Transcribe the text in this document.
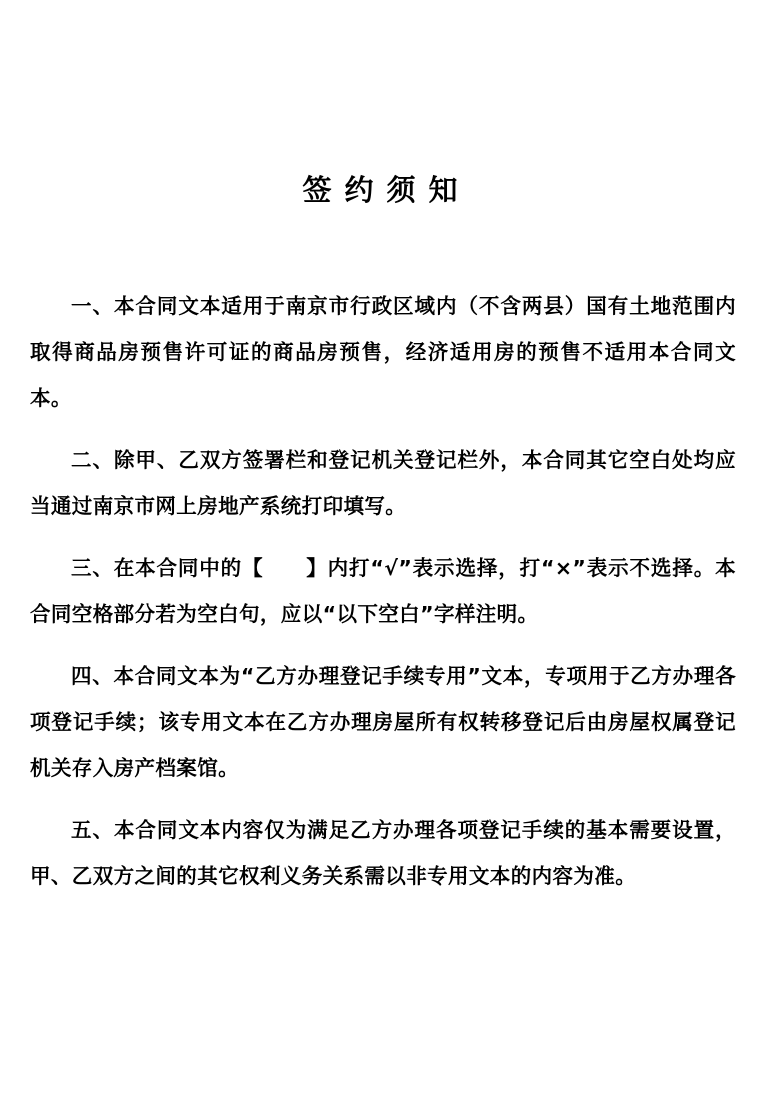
签约须知

一、本合同文本适用于南京市行政区域内（不含两县）国有土地范围内取得商品房预售许可证的商品房预售，经济适用房的预售不适用本合同文本。

二、除甲、乙双方签署栏和登记机关登记栏外，本合同其它空白处均应当通过南京市网上房地产系统打印填写。

三、在本合同中的【　　】内打“√”表示选择，打“×”表示不选择。本合同空格部分若为空白句，应以“以下空白”字样注明。

四、本合同文本为“乙方办理登记手续专用”文本，专项用于乙方办理各项登记手续；该专用文本在乙方办理房屋所有权转移登记后由房屋权属登记机关存入房产档案馆。

五、本合同文本内容仅为满足乙方办理各项登记手续的基本需要设置，甲、乙双方之间的其它权利义务关系需以非专用文本的内容为准。
